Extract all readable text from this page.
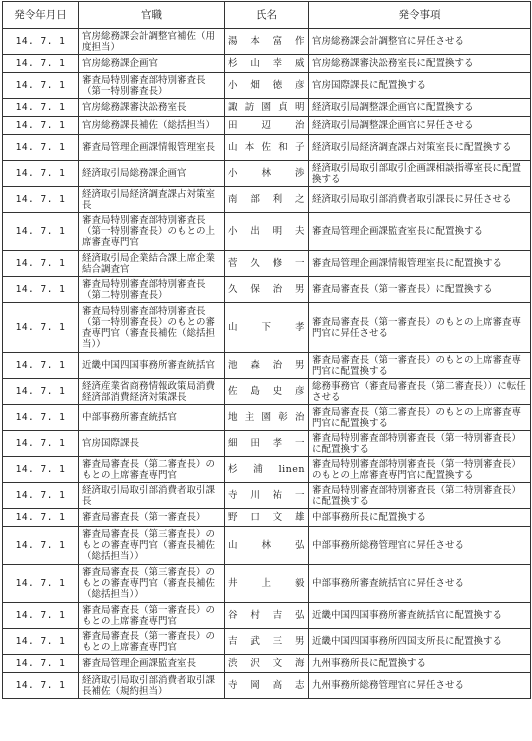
発令年月日	官職	氏名	発令事項
14. 7. 1	官房総務課会計調整官補佐（用度担当）	湯本富作	官房総務課会計調整官に昇任させる
14. 7. 1	官房総務課企画官	杉山幸威	官房総務課審決訟務室長に配置換する
14. 7. 1	審査局特別審査部特別審査長（第一特別審査長）	小畑徳彦	官房国際課長に配置換する
14. 7. 1	官房総務課審決訟務室長	諏訪園貞明	経済取引局調整課企画官に配置換する
14. 7. 1	官房総務課長補佐（総括担当）	田辺治	経済取引局調整課企画官に昇任させる
14. 7. 1	審査局管理企画課情報管理室長	山本佐和子	経済取引局経済調査課占対策室長に配置換する
14. 7. 1	経済取引局総務課企画官	小林渉	経済取引局取引部取引企画課相談指導室長に配置換する
14. 7. 1	経済取引局経済調査課占対策室長	南部利之	経済取引局取引部消費者取引課長に昇任させる
14. 7. 1	審査局特別審査部特別審査長（第一特別審査長）のもとの上席審査専門官	小出明夫	審査局管理企画課監査室長に配置換する
14. 7. 1	経済取引局企業結合課上席企業結合調査官	菅久修一	審査局管理企画課情報管理室長に配置換する
14. 7. 1	審査局特別審査部特別審査長（第二特別審査長）	久保治男	審査局審査長（第一審査長）に配置換する
14. 7. 1	審査局特別審査部特別審査長（第一特別審査長）のもとの審査専門官（審査長補佐（総括担当））	山下孝	審査局審査長（第一審査長）のもとの上席審査専門官に昇任させる
14. 7. 1	近畿中国四国事務所審査統括官	池森治男	審査局審査長（第一審査長）のもとの上席審査専門官に配置換する
14. 7. 1	経済産業省商務情報政策局消費経済部消費経済対策課長	佐島史彦	総務事務官（審査局審査長（第二審査長））に転任させる
14. 7. 1	中部事務所審査統括官	地主園彰治	審査局審査長（第二審査長）のもとの上席審査専門官に配置換する
14. 7. 1	官房国際課長	細田孝一	審査局特別審査部特別審査長（第一特別審査長）に配置換する
14. 7. 1	審査局審査長（第二審査長）のもとの上席審査専門官	杉浦linen	審査局特別審査部特別審査長（第一特別審査長）のもとの上席審査専門官に配置換する
14. 7. 1	経済取引局取引部消費者取引課長	寺川祐一	審査局特別審査部特別審査長（第二特別審査長）に配置換する
14. 7. 1	審査局審査長（第一審査長）	野口文雄	中部事務所長に配置換する
14. 7. 1	審査局審査長（第三審査長）のもとの審査専門官（審査長補佐（総括担当））	山林弘	中部事務所総務管理官に昇任させる
14. 7. 1	審査局審査長（第三審査長）のもとの審査専門官（審査長補佐（総括担当））	井上毅	中部事務所審査統括官に昇任させる
14. 7. 1	審査局審査長（第一審査長）のもとの上席審査専門官	谷村吉弘	近畿中国四国事務所審査統括官に配置換する
14. 7. 1	審査局審査長（第一審査長）のもとの上席審査専門官	吉武三男	近畿中国四国事務所四国支所長に配置換する
14. 7. 1	審査局管理企画課監査室長	渋沢文海	九州事務所長に配置換する
14. 7. 1	経済取引局取引部消費者取引課長補佐（規約担当）	寺岡高志	九州事務所総務管理官に昇任させる
